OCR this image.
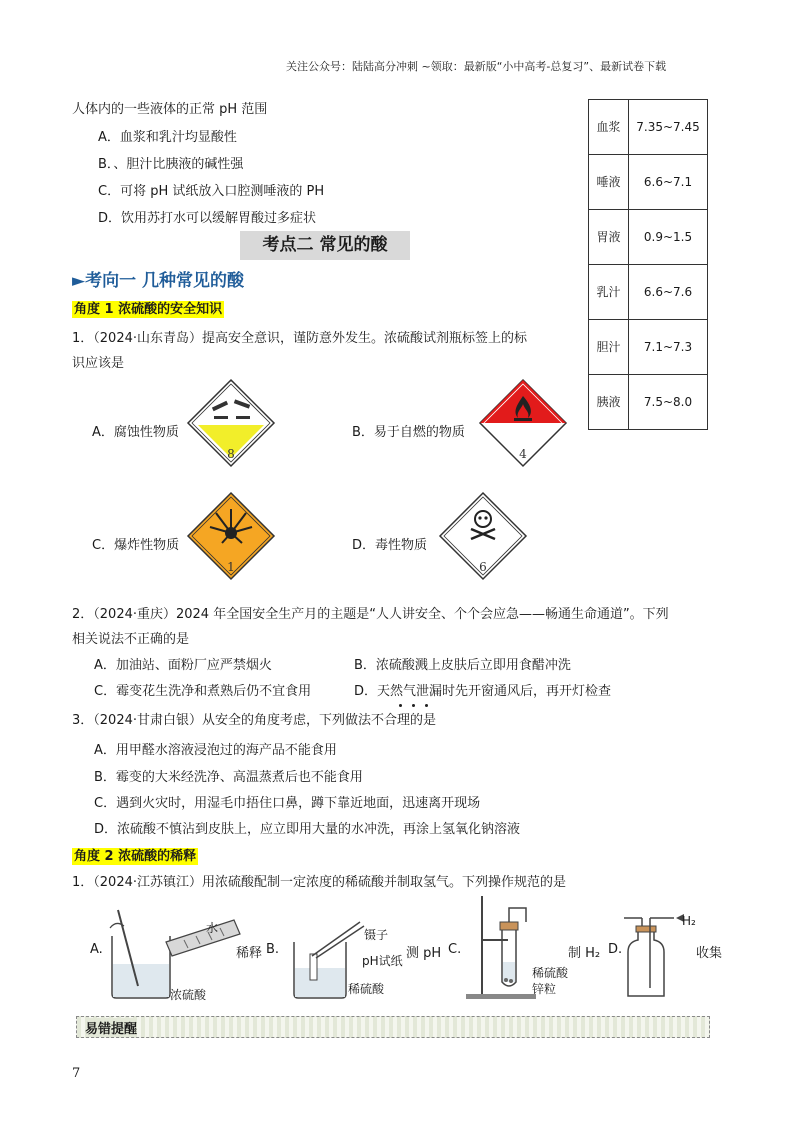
关注公众号：陆陆高分冲刺 ~领取：最新版“小中高考-总复习”、最新试卷下载
人体内的一些液体的正常 pH 范围
A．血浆和乳汁均显酸性
B．、胆汁比胰液的碱性强
C．可将 pH 试纸放入口腔测唾液的 PH
D．饮用苏打水可以缓解胃酸过多症状
血浆	7.35~7.45
唾液	6.6~7.1
胃液	0.9~1.5
乳汁	6.6~7.6
胆汁	7.1~7.3
胰液	7.5~8.0
考点二 常见的酸
►考向一 几种常见的酸
角度 1 浓硫酸的安全知识
1．（2024·山东青岛）提高安全意识，谨防意外发生。浓硫酸试剂瓶标签上的标
识应该是
A．腐蚀性物质
8
B．易于自燃的物质
4
C．爆炸性物质
1
D．毒性物质
6
2．（2024·重庆）2024 年全国安全生产月的主题是“人人讲安全、个个会应急——畅通生命通道”。下列
相关说法不正确的是
A．加油站、面粉厂应严禁烟火	B．浓硫酸溅上皮肤后立即用食醋冲洗
C．霉变花生洗净和煮熟后仍不宜食用	D．天然气泄漏时先开窗通风后，再开灯检查
3．（2024·甘肃白银）从安全的角度考虑，下列做法不合理的是
A．用甲醛水溶液浸泡过的海产品不能食用
B．霉变的大米经洗净、高温蒸煮后也不能食用
C．遇到火灾时，用湿毛巾捂住口鼻，蹲下靠近地面，迅速离开现场
D．浓硫酸不慎沾到皮肤上，应立即用大量的水冲洗，再涂上氢氧化钠溶液
角度 2 浓硫酸的稀释
1．（2024·江苏镇江）用浓硫酸配制一定浓度的稀硫酸并制取氢气。下列操作规范的是
A.
水
浓硫酸
稀释 B.
镊子
pH试纸
稀硫酸
测 pH C.
稀硫酸
锌粒
制 H₂ D.
H₂
收集
易错提醒
7
